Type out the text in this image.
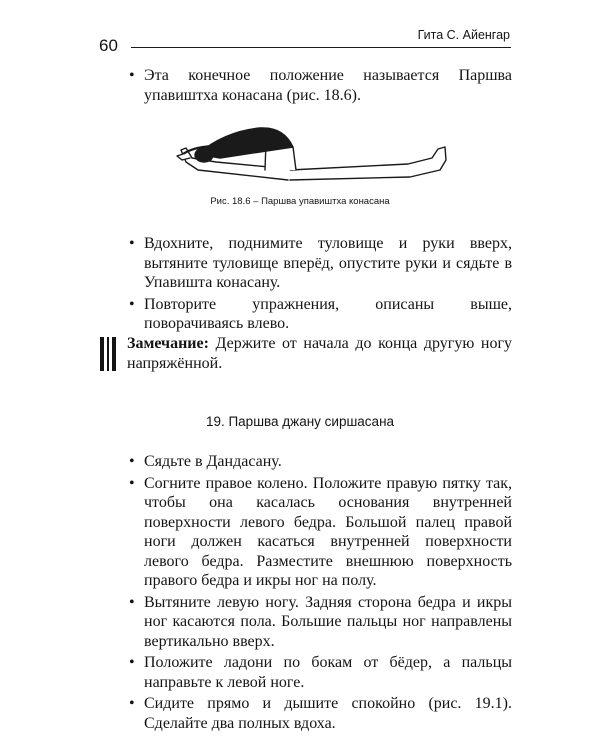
60
Гита С. Айенгар
• Эта конечное положение называется Паршва упавиштха конасана (рис. 18.6).
Рис. 18.6 – Паршва упавиштха конасана
• Вдохните, поднимите туловище и руки вверх, вытяните туловище вперёд, опустите руки и сядьте в Упавишта конасану.
• Повторите упражнения, описаны выше, поворачиваясь влево.
Замечание: Держите от начала до конца другую ногу напряжённой.
19. Паршва джану сиршасана
• Сядьте в Дандасану.
• Согните правое колено. Положите правую пятку так, чтобы она касалась основания внутренней поверхности левого бедра. Большой палец правой ноги должен касаться внутренней поверхности левого бедра. Разместите внешнюю поверхность правого бедра и икры ног на полу.
• Вытяните левую ногу. Задняя сторона бедра и икры ног касаются пола. Большие пальцы ног направлены вертикально вверх.
• Положите ладони по бокам от бёдер, а пальцы направьте к левой ноге.
• Сидите прямо и дышите спокойно (рис. 19.1). Сделайте два полных вдоха.
